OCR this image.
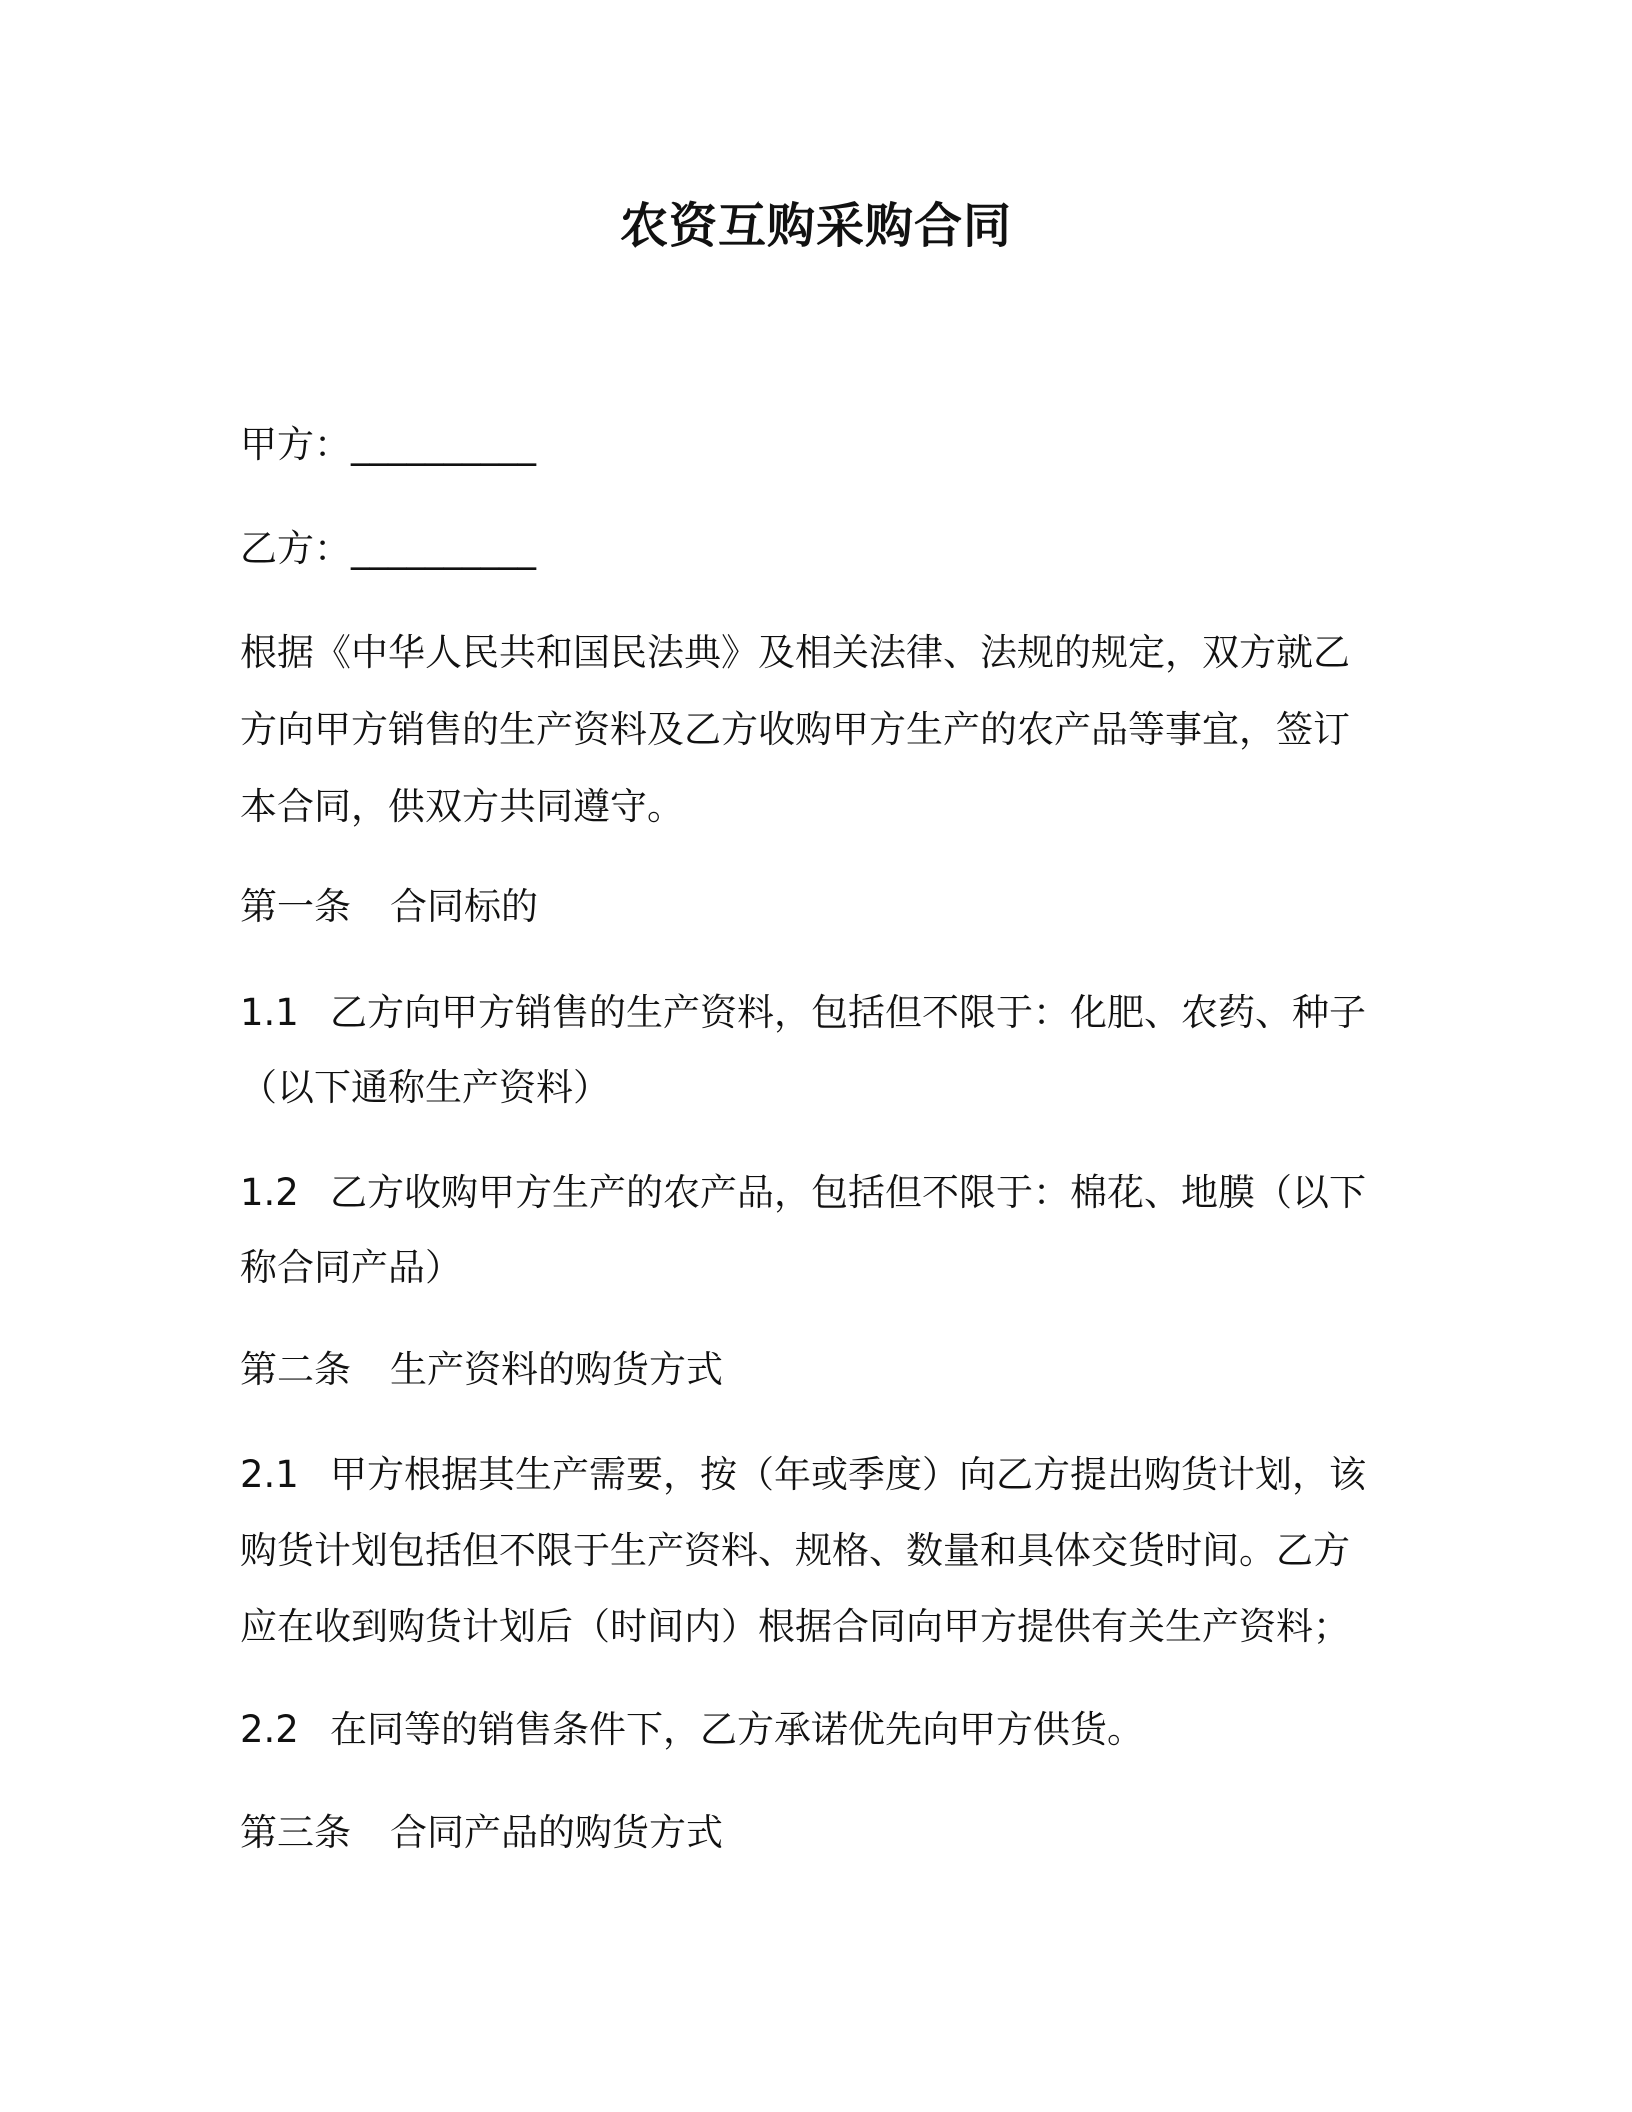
农资互购采购合同
甲方：__________
乙方：__________
根据《中华人民共和国民法典》及相关法律、法规的规定，双方就乙
方向甲方销售的生产资料及乙方收购甲方生产的农产品等事宜，签订
本合同，供双方共同遵守。
第一条 合同标的
1.1 乙方向甲方销售的生产资料，包括但不限于：化肥、农药、种子
（以下通称生产资料）
1.2 乙方收购甲方生产的农产品，包括但不限于：棉花、地膜（以下
称合同产品）
第二条 生产资料的购货方式
2.1 甲方根据其生产需要，按（年或季度）向乙方提出购货计划，该
购货计划包括但不限于生产资料、规格、数量和具体交货时间。乙方
应在收到购货计划后（时间内）根据合同向甲方提供有关生产资料；
2.2 在同等的销售条件下，乙方承诺优先向甲方供货。
第三条 合同产品的购货方式
